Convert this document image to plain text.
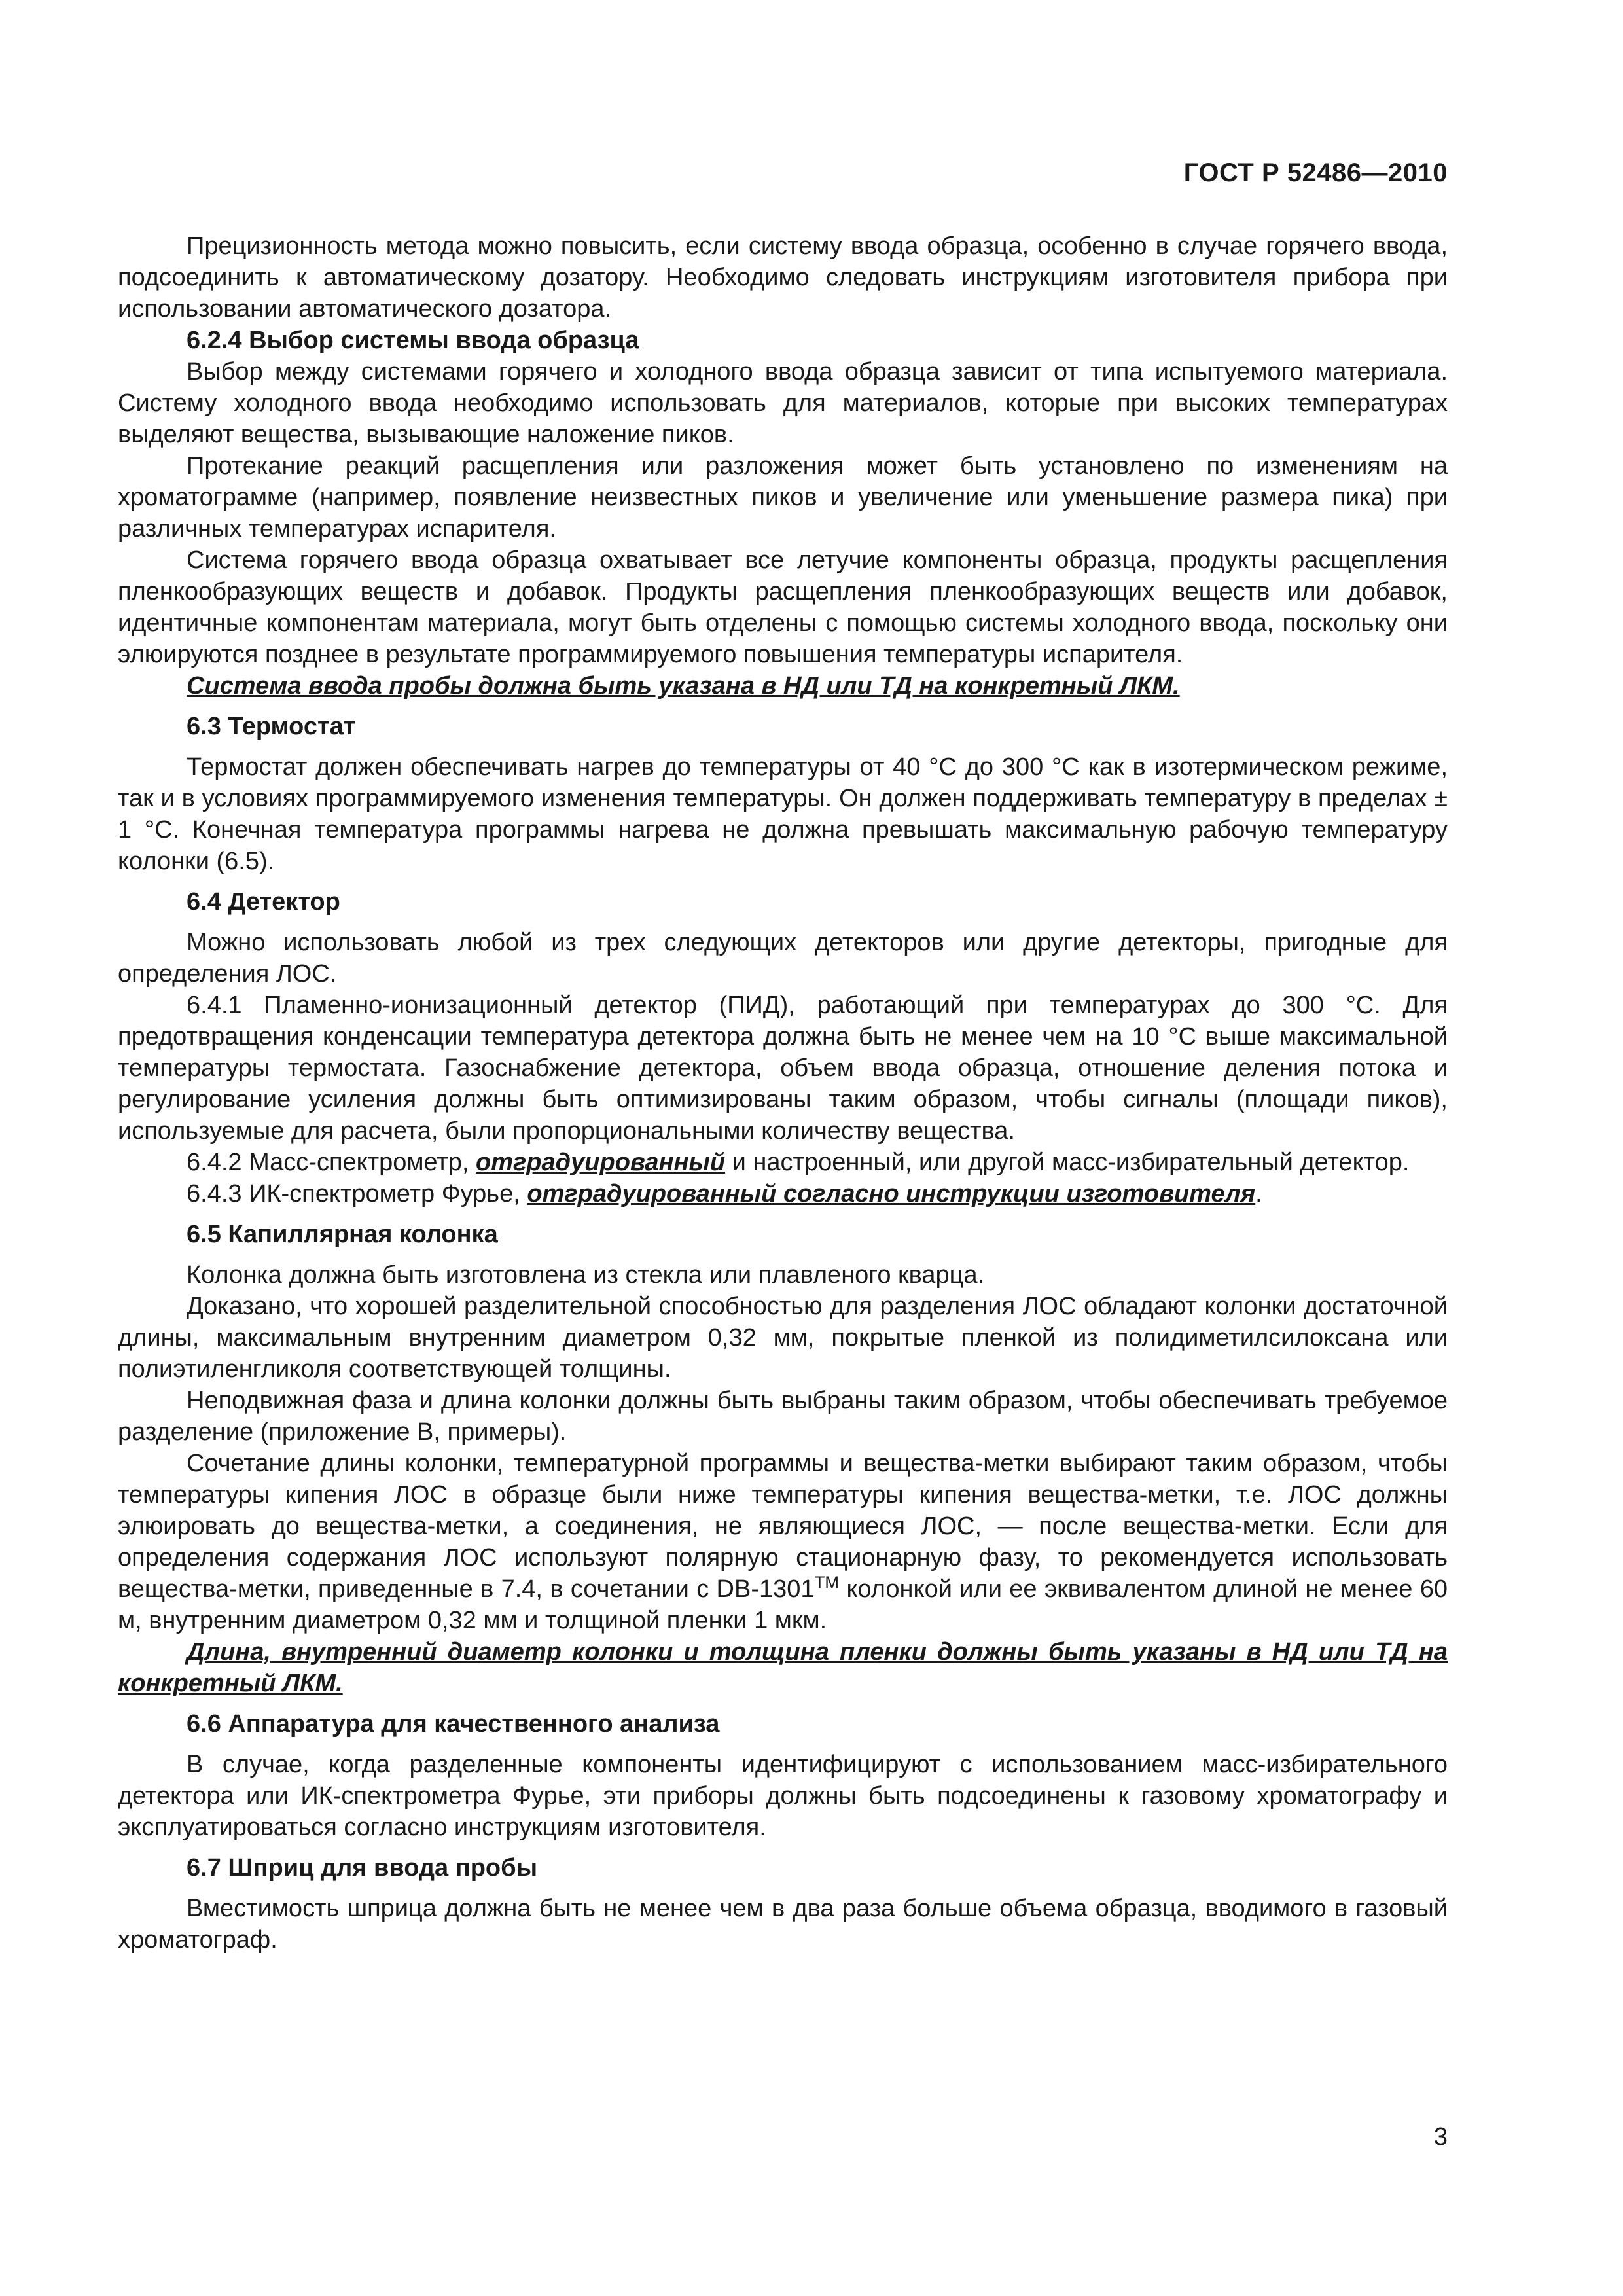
ГОСТ Р 52486—2010

Прецизионность метода можно повысить, если систему ввода образца, особенно в случае горячего ввода, подсоединить к автоматическому дозатору. Необходимо следовать инструкциям изготовителя прибора при использовании автоматического дозатора.

6.2.4 Выбор системы ввода образца

Выбор между системами горячего и холодного ввода образца зависит от типа испытуемого материала. Систему холодного ввода необходимо использовать для материалов, которые при высоких температурах выделяют вещества, вызывающие наложение пиков.

Протекание реакций расщепления или разложения может быть установлено по изменениям на хроматограмме (например, появление неизвестных пиков и увеличение или уменьшение размера пика) при различных температурах испарителя.

Система горячего ввода образца охватывает все летучие компоненты образца, продукты расщепления пленкообразующих веществ и добавок. Продукты расщепления пленкообразующих веществ или добавок, идентичные компонентам материала, могут быть отделены с помощью системы холодного ввода, поскольку они элюируются позднее в результате программируемого повышения температуры испарителя.

Система ввода пробы должна быть указана в НД или ТД на конкретный ЛКМ.

6.3 Термостат

Термостат должен обеспечивать нагрев до температуры от 40 °С до 300 °С как в изотермическом режиме, так и в условиях программируемого изменения температуры. Он должен поддерживать температуру в пределах ± 1 °С. Конечная температура программы нагрева не должна превышать максимальную рабочую температуру колонки (6.5).

6.4 Детектор

Можно использовать любой из трех следующих детекторов или другие детекторы, пригодные для определения ЛОС.

6.4.1 Пламенно-ионизационный детектор (ПИД), работающий при температурах до 300 °С. Для предотвращения конденсации температура детектора должна быть не менее чем на 10 °С выше максимальной температуры термостата. Газоснабжение детектора, объем ввода образца, отношение деления потока и регулирование усиления должны быть оптимизированы таким образом, чтобы сигналы (площади пиков), используемые для расчета, были пропорциональными количеству вещества.

6.4.2 Масс-спектрометр, отградуированный и настроенный, или другой масс-избирательный детектор.

6.4.3 ИК-спектрометр Фурье, отградуированный согласно инструкции изготовителя.

6.5 Капиллярная колонка

Колонка должна быть изготовлена из стекла или плавленого кварца.

Доказано, что хорошей разделительной способностью для разделения ЛОС обладают колонки достаточной длины, максимальным внутренним диаметром 0,32 мм, покрытые пленкой из полидиметилсилоксана или полиэтиленгликоля соответствующей толщины.

Неподвижная фаза и длина колонки должны быть выбраны таким образом, чтобы обеспечивать требуемое разделение (приложение В, примеры).

Сочетание длины колонки, температурной программы и вещества-метки выбирают таким образом, чтобы температуры кипения ЛОС в образце были ниже температуры кипения вещества-метки, т.е. ЛОС должны элюировать до вещества-метки, а соединения, не являющиеся ЛОС, — после вещества-метки. Если для определения содержания ЛОС используют полярную стационарную фазу, то рекомендуется использовать вещества-метки, приведенные в 7.4, в сочетании с DB-1301™ колонкой или ее эквивалентом длиной не менее 60 м, внутренним диаметром 0,32 мм и толщиной пленки 1 мкм.

Длина, внутренний диаметр колонки и толщина пленки должны быть указаны в НД или ТД на конкретный ЛКМ.

6.6 Аппаратура для качественного анализа

В случае, когда разделенные компоненты идентифицируют с использованием масс-избирательного детектора или ИК-спектрометра Фурье, эти приборы должны быть подсоединены к газовому хроматографу и эксплуатироваться согласно инструкциям изготовителя.

6.7 Шприц для ввода пробы

Вместимость шприца должна быть не менее чем в два раза больше объема образца, вводимого в газовый хроматограф.

3
